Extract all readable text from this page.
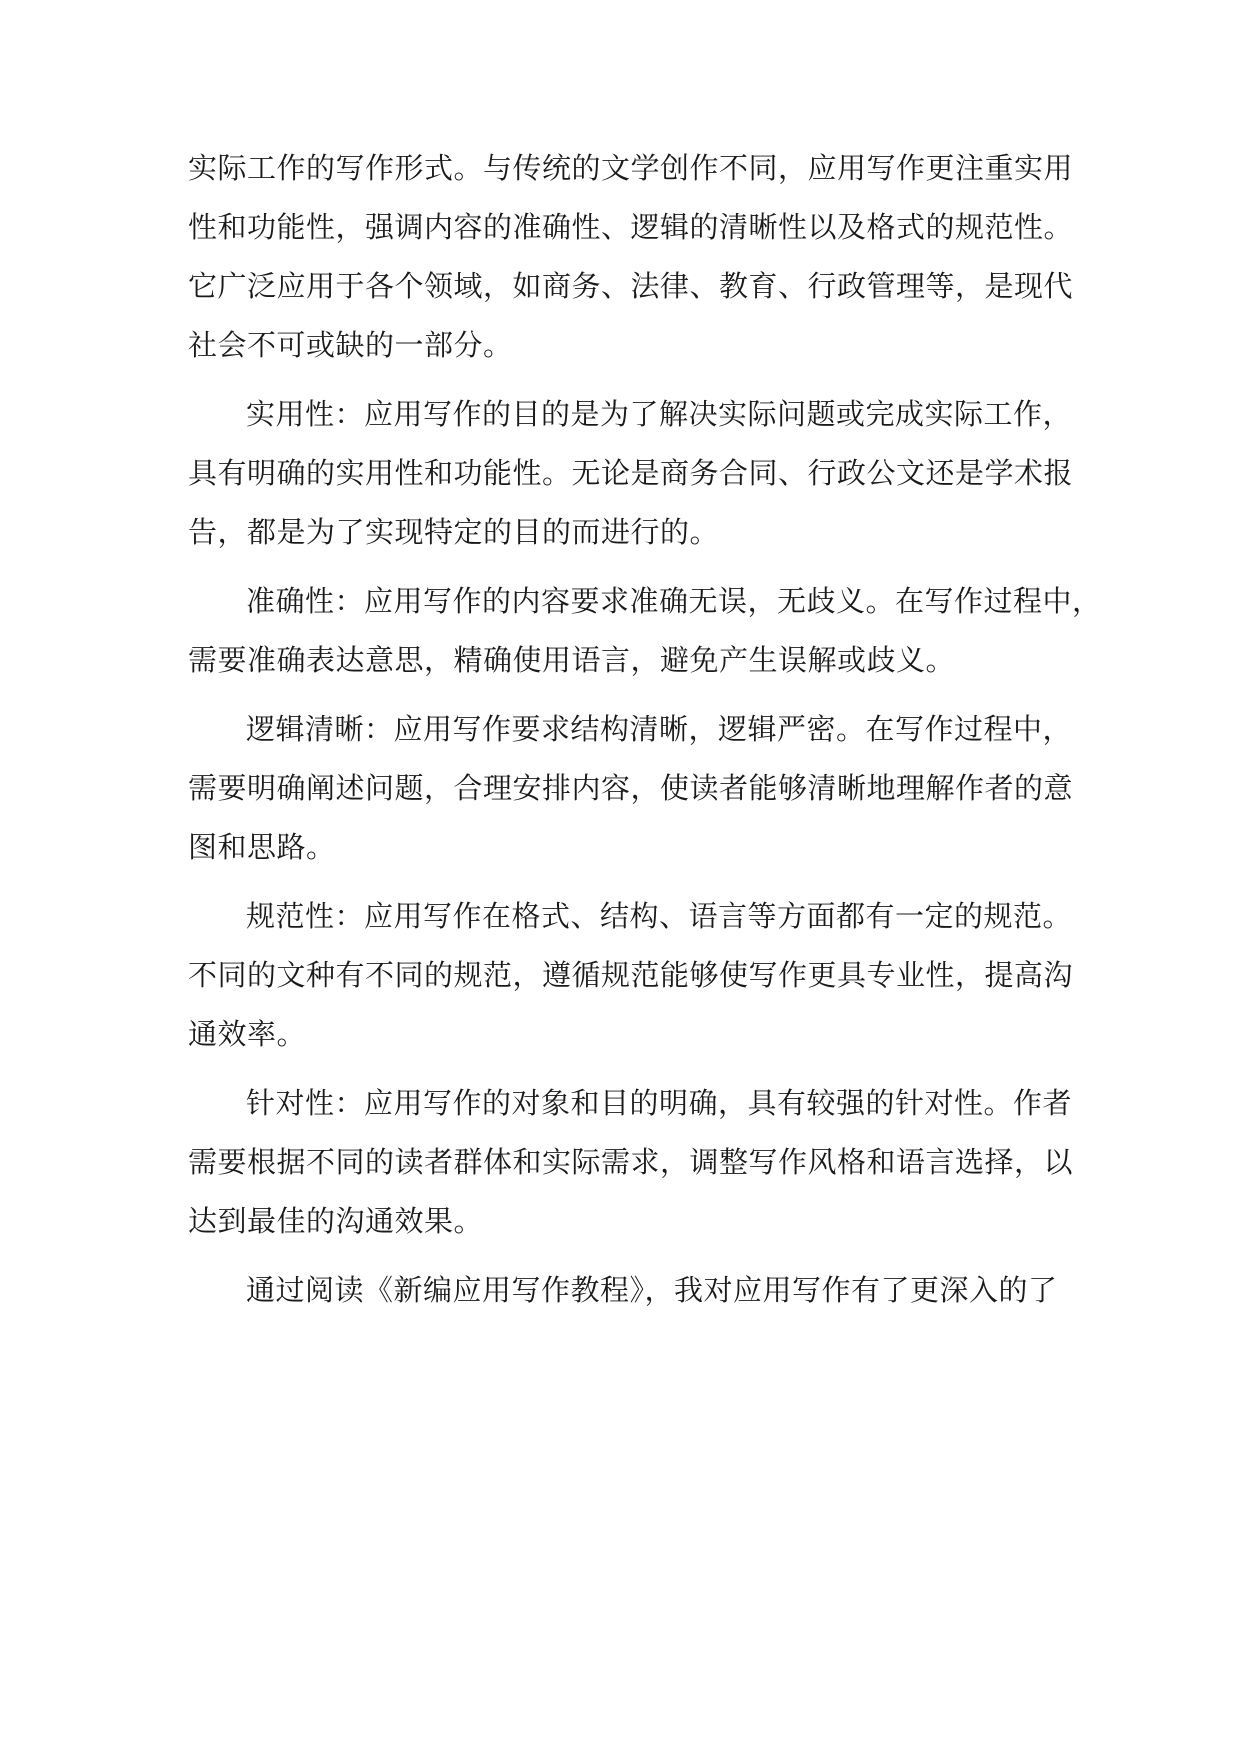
实际工作的写作形式。与传统的文学创作不同，应用写作更注重实用
性和功能性，强调内容的准确性、逻辑的清晰性以及格式的规范性。
它广泛应用于各个领域，如商务、法律、教育、行政管理等，是现代
社会不可或缺的一部分。
实用性：应用写作的目的是为了解决实际问题或完成实际工作，
具有明确的实用性和功能性。无论是商务合同、行政公文还是学术报
告，都是为了实现特定的目的而进行的。
准确性：应用写作的内容要求准确无误，无歧义。在写作过程中，
需要准确表达意思，精确使用语言，避免产生误解或歧义。
逻辑清晰：应用写作要求结构清晰，逻辑严密。在写作过程中，
需要明确阐述问题，合理安排内容，使读者能够清晰地理解作者的意
图和思路。
规范性：应用写作在格式、结构、语言等方面都有一定的规范。
不同的文种有不同的规范，遵循规范能够使写作更具专业性，提高沟
通效率。
针对性：应用写作的对象和目的明确，具有较强的针对性。作者
需要根据不同的读者群体和实际需求，调整写作风格和语言选择，以
达到最佳的沟通效果。
通过阅读《新编应用写作教程》，我对应用写作有了更深入的了
